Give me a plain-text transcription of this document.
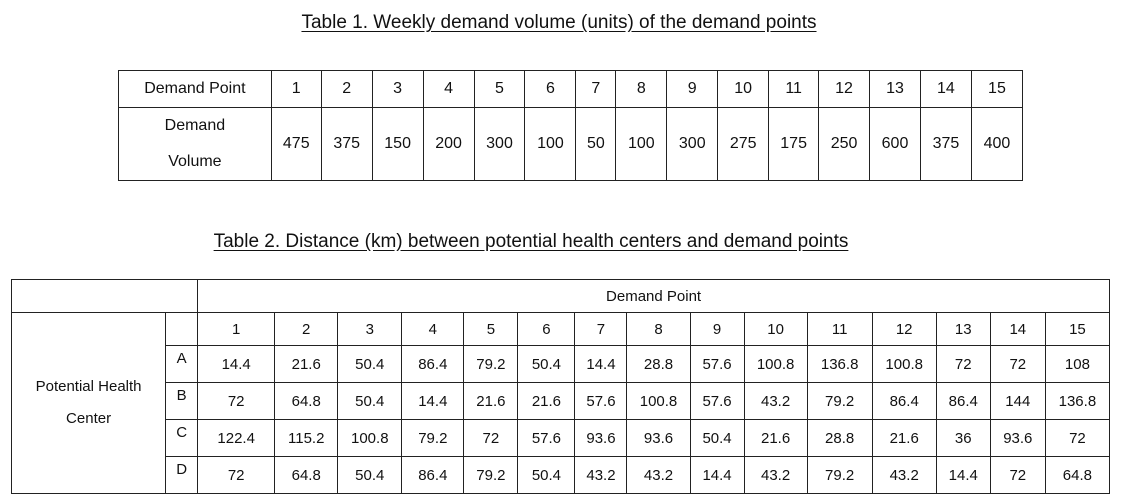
Table 1. Weekly demand volume (units) of the demand points
Demand Point	1	2	3	4	5	6	7	8	9	10	11	12	13	14	15

Demand
Volume	475	375	150	200	300	100	50	100	300	275	175	250	600	375	400
Table 2. Distance (km) between potential health centers and demand points
		Demand Point														

Potential Health
Center		1	2	3	4	5	6	7	8	9	10	11	12	13	14	15
	A	14.4	21.6	50.4	86.4	79.2	50.4	14.4	28.8	57.6	100.8	136.8	100.8	72	72	108
	B	72	64.8	50.4	14.4	21.6	21.6	57.6	100.8	57.6	43.2	79.2	86.4	86.4	144	136.8
	C	122.4	115.2	100.8	79.2	72	57.6	93.6	93.6	50.4	21.6	28.8	21.6	36	93.6	72
	D	72	64.8	50.4	86.4	79.2	50.4	43.2	43.2	14.4	43.2	79.2	43.2	14.4	72	64.8
